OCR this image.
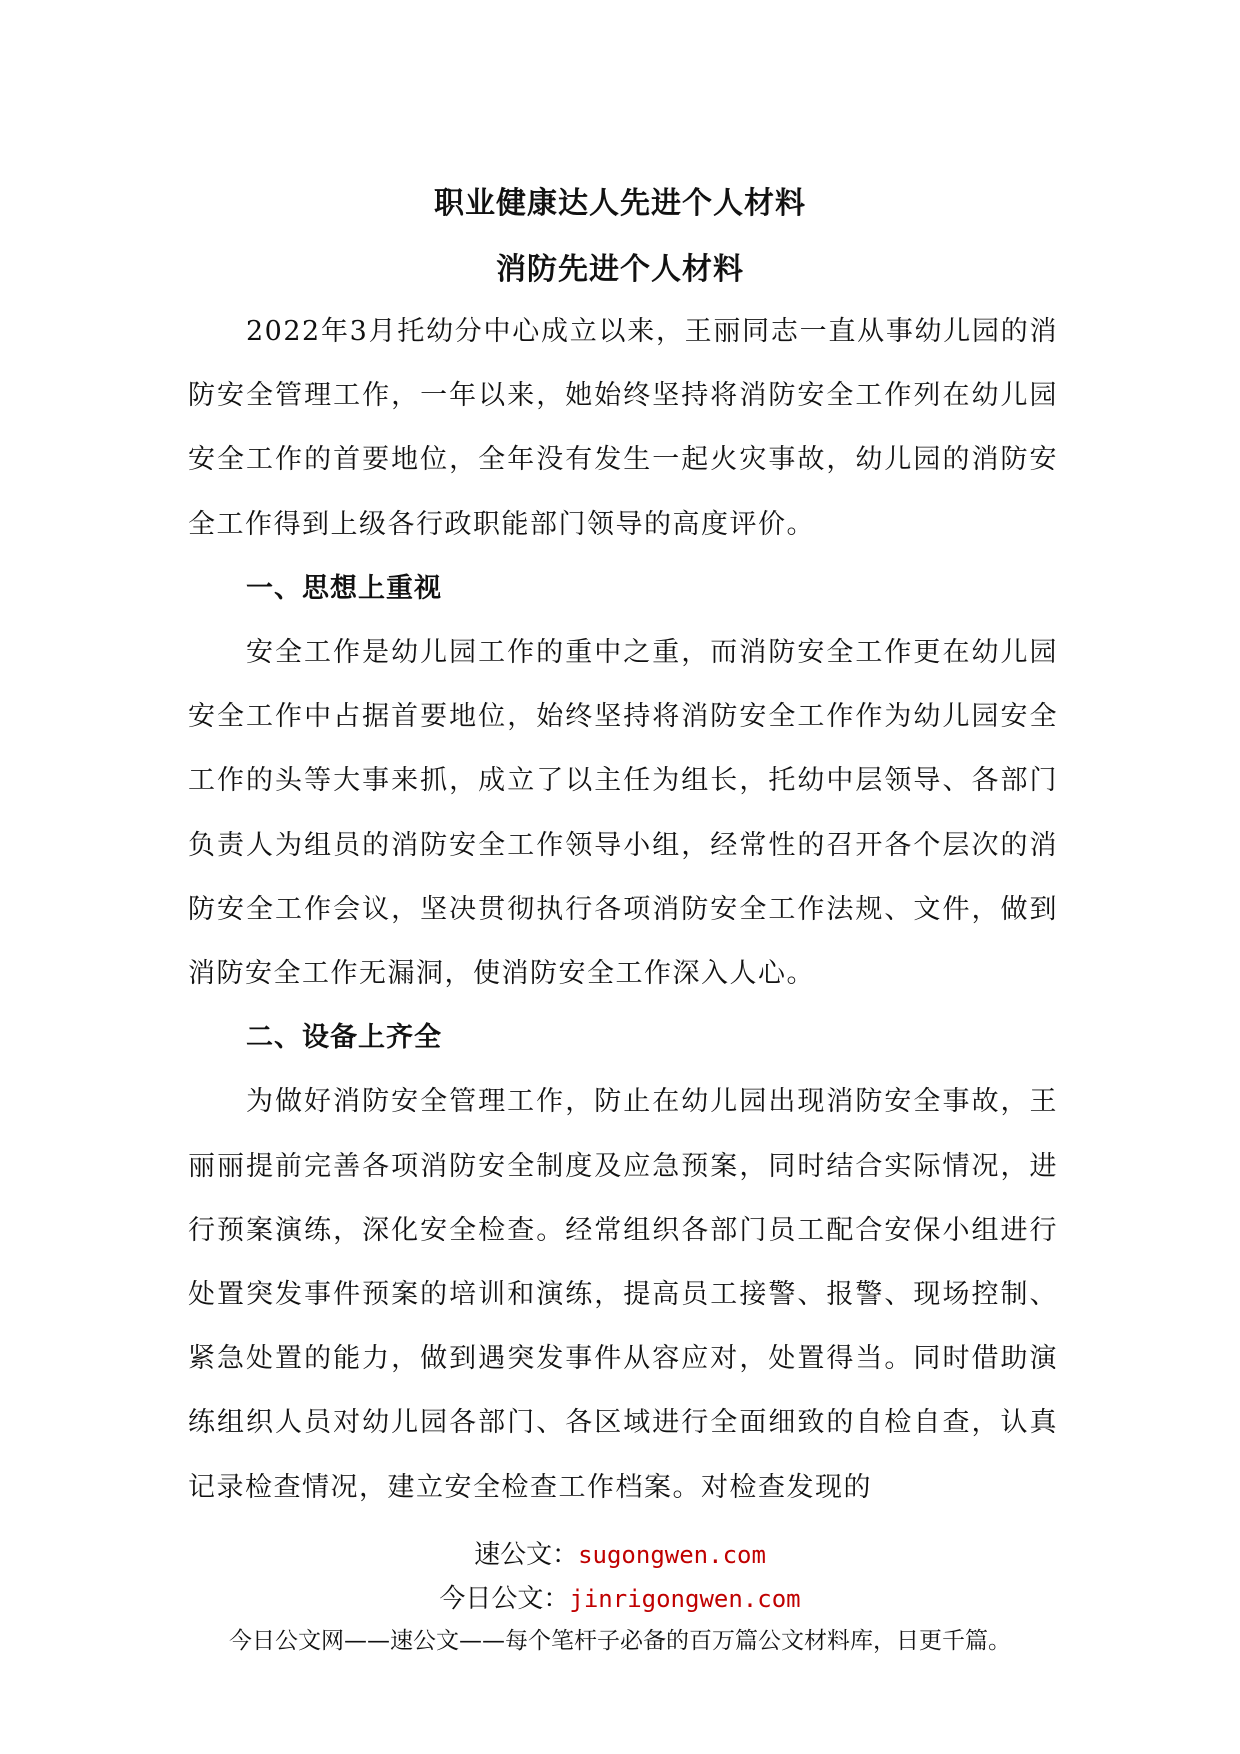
职业健康达人先进个人材料
消防先进个人材料

2022年3月托幼分中心成立以来，王丽同志一直从事幼儿园的消防安全管理工作，一年以来，她始终坚持将消防安全工作列在幼儿园安全工作的首要地位，全年没有发生一起火灾事故，幼儿园的消防安全工作得到上级各行政职能部门领导的高度评价。

一、思想上重视

安全工作是幼儿园工作的重中之重，而消防安全工作更在幼儿园安全工作中占据首要地位，始终坚持将消防安全工作作为幼儿园安全工作的头等大事来抓，成立了以主任为组长，托幼中层领导、各部门负责人为组员的消防安全工作领导小组，经常性的召开各个层次的消防安全工作会议，坚决贯彻执行各项消防安全工作法规、文件，做到消防安全工作无漏洞，使消防安全工作深入人心。

二、设备上齐全

为做好消防安全管理工作，防止在幼儿园出现消防安全事故，王丽丽提前完善各项消防安全制度及应急预案，同时结合实际情况，进行预案演练，深化安全检查。经常组织各部门员工配合安保小组进行处置突发事件预案的培训和演练，提高员工接警、报警、现场控制、紧急处置的能力，做到遇突发事件从容应对，处置得当。同时借助演练组织人员对幼儿园各部门、各区域进行全面细致的自检自查，认真记录检查情况，建立安全检查工作档案。对检查发现的

速公文：sugongwen.com
今日公文：jinrigongwen.com
今日公文网——速公文——每个笔杆子必备的百万篇公文材料库，日更千篇。
